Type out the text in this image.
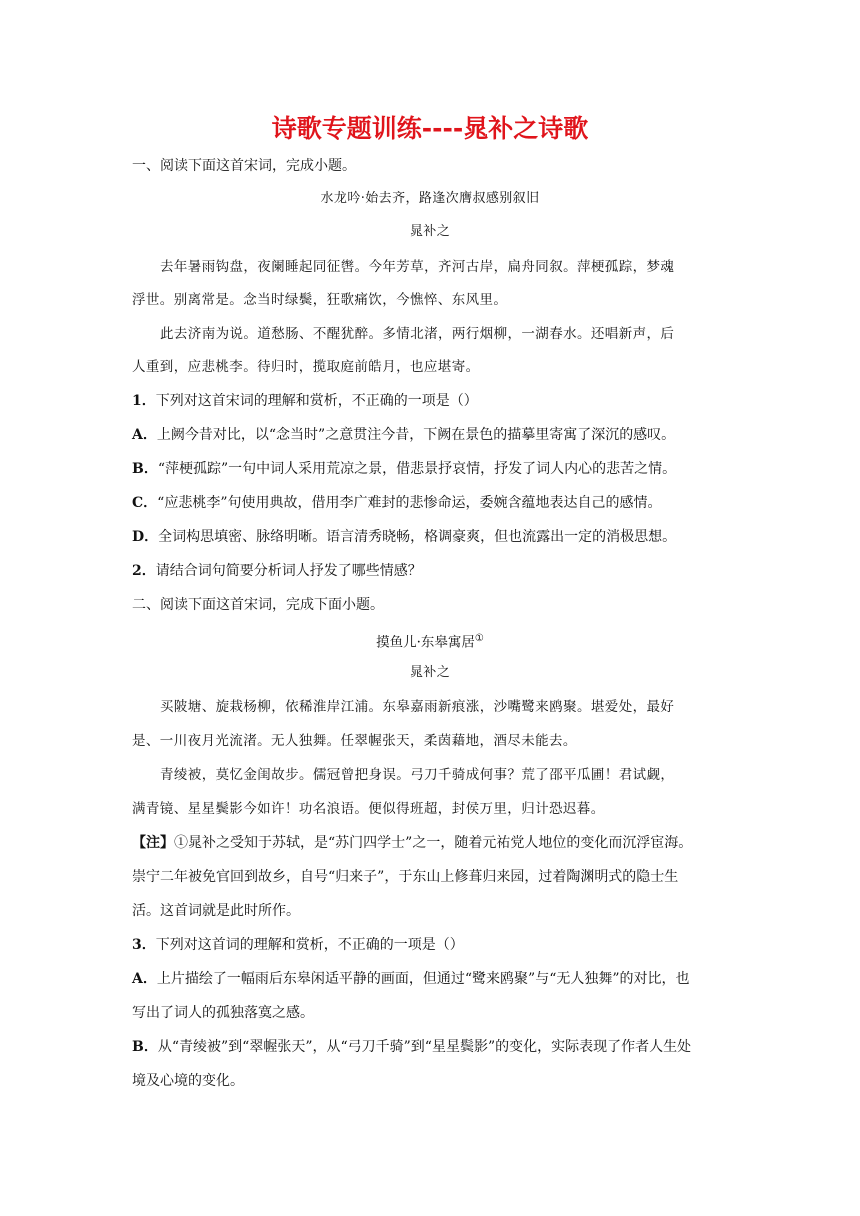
诗歌专题训练----晁补之诗歌
一、阅读下面这首宋词，完成小题。
水龙吟·始去齐，路逢次膺叔感别叙旧
晁补之
去年暑雨钩盘，夜阑睡起同征辔。今年芳草，齐河古岸，扁舟同叙。萍梗孤踪，梦魂
浮世。别离常是。念当时绿鬓，狂歌痛饮，今憔悴、东风里。
此去济南为说。道愁肠、不醒犹醉。多情北渚，两行烟柳，一湖春水。还唱新声，后
人重到，应悲桃李。待归时，揽取庭前皓月，也应堪寄。
1．下列对这首宋词的理解和赏析，不正确的一项是（）
A．上阙今昔对比，以“念当时”之意贯注今昔，下阙在景色的描摹里寄寓了深沉的感叹。
B．“萍梗孤踪”一句中词人采用荒凉之景，借悲景抒哀情，抒发了词人内心的悲苦之情。
C．“应悲桃李”句使用典故，借用李广难封的悲惨命运，委婉含蕴地表达自己的感情。
D．全词构思填密、脉络明晰。语言清秀晓畅，格调豪爽，但也流露出一定的消极思想。
2．请结合词句简要分析词人抒发了哪些情感？
二、阅读下面这首宋词，完成下面小题。
摸鱼儿·东皋寓居①
晁补之
买陂塘、旋栽杨柳，依稀淮岸江浦。东皋嘉雨新痕涨，沙嘴鹭来鸥聚。堪爱处，最好
是、一川夜月光流渚。无人独舞。任翠幄张天，柔茵藉地，酒尽未能去。
青绫被，莫忆金闺故步。儒冠曾把身误。弓刀千骑成何事？荒了邵平瓜圃！君试觑，
满青镜、星星鬓影今如许！功名浪语。便似得班超，封侯万里，归计恐迟暮。
【注】①晁补之受知于苏轼，是“苏门四学士”之一，随着元祐党人地位的变化而沉浮宦海。
崇宁二年被免官回到故乡，自号“归来子”，于东山上修葺归来园，过着陶渊明式的隐士生
活。这首词就是此时所作。
3．下列对这首词的理解和赏析，不正确的一项是（）
A．上片描绘了一幅雨后东皋闲适平静的画面，但通过“鹭来鸥聚”与“无人独舞”的对比，也
写出了词人的孤独落寞之感。
B．从“青绫被”到“翠幄张天”，从“弓刀千骑”到“星星鬓影”的变化，实际表现了作者人生处
境及心境的变化。
